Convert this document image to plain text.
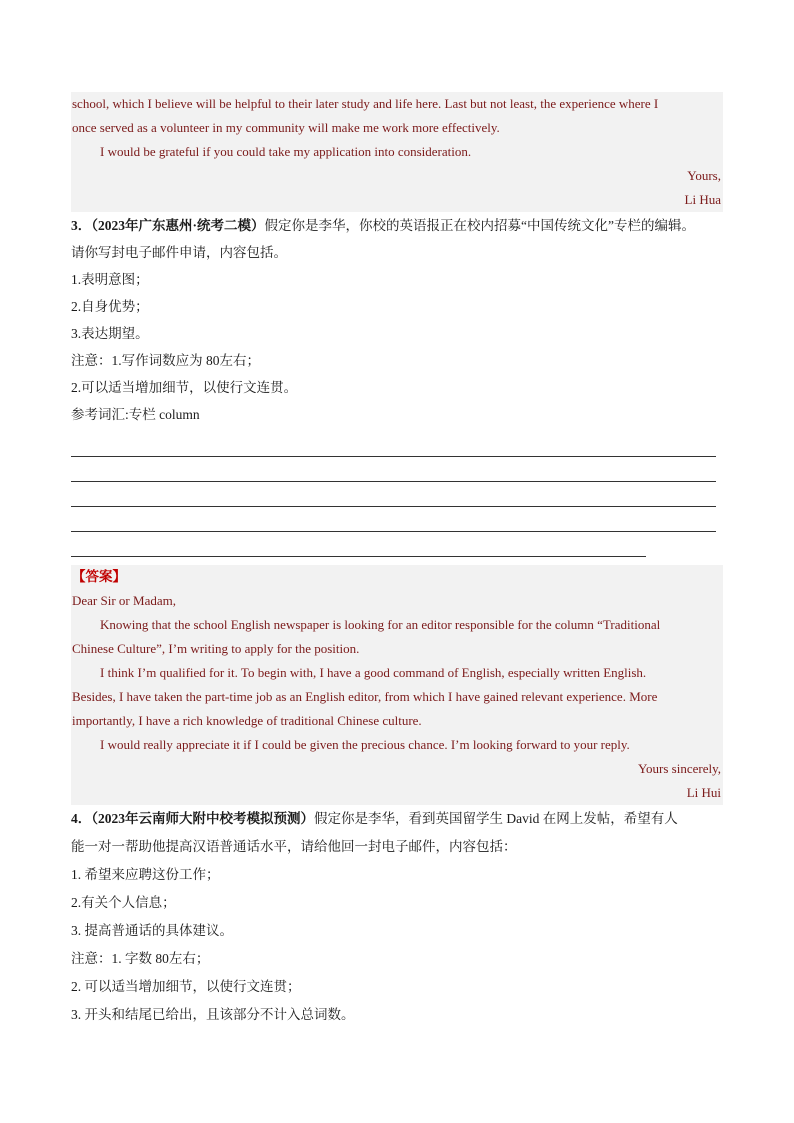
school, which I believe will be helpful to their later study and life here. Last but not least, the experience where I
once served as a volunteer in my community will make me work more effectively.
I would be grateful if you could take my application into consideration.
Yours,
Li Hua
3．（2023年广东惠州·统考二模）假定你是李华，你校的英语报正在校内招募“中国传统文化”专栏的编辑。
请你写封电子邮件申请，内容包括。
1.表明意图；
2.自身优势；
3.表达期望。
注意：1.写作词数应为 80左右；
2.可以适当增加细节，以使行文连贯。
参考词汇:专栏 column
【答案】
Dear Sir or Madam,
Knowing that the school English newspaper is looking for an editor responsible for the column “Traditional
Chinese Culture”, I’m writing to apply for the position.
I think I’m qualified for it. To begin with, I have a good command of English, especially written English.
Besides, I have taken the part-time job as an English editor, from which I have gained relevant experience. More
importantly, I have a rich knowledge of traditional Chinese culture.
I would really appreciate it if I could be given the precious chance. I’m looking forward to your reply.
Yours sincerely,
Li Hui
4．（2023年云南师大附中校考模拟预测）假定你是李华，看到英国留学生 David 在网上发帖，希望有人
能一对一帮助他提高汉语普通话水平，请给他回一封电子邮件，内容包括：
1. 希望来应聘这份工作；
2.有关个人信息；
3. 提高普通话的具体建议。
注意：1. 字数 80左右；
2. 可以适当增加细节，以使行文连贯；
3. 开头和结尾已给出，且该部分不计入总词数。
